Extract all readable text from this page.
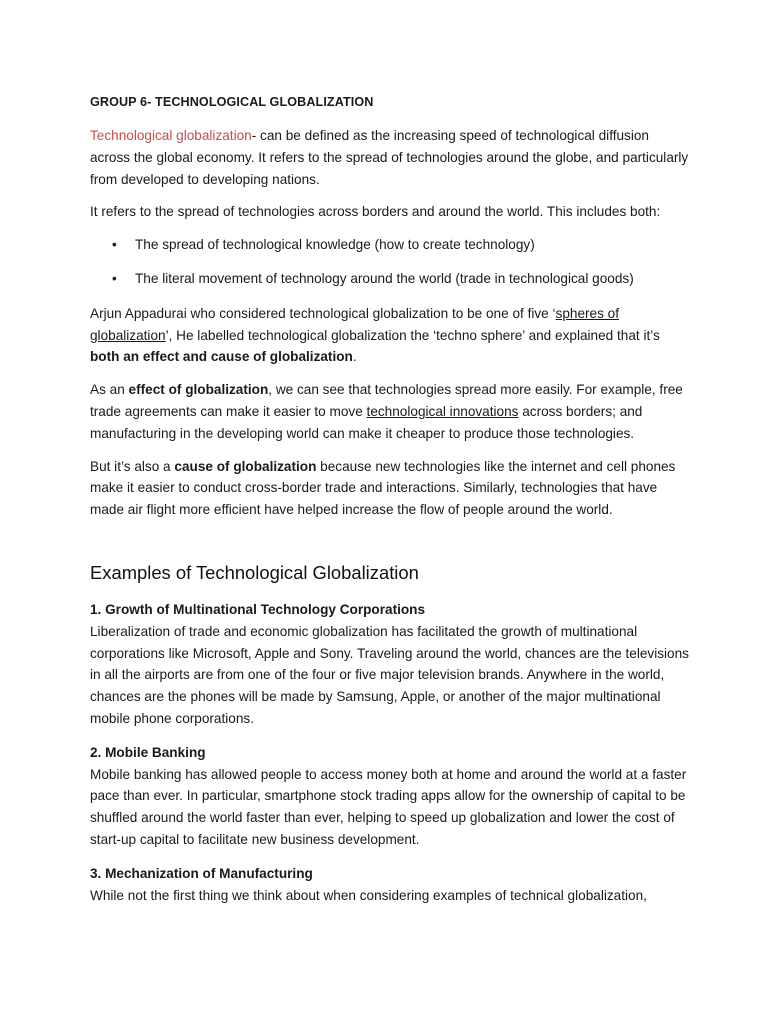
GROUP 6- TECHNOLOGICAL GLOBALIZATION

Technological globalization- can be defined as the increasing speed of technological diffusion across the global economy. It refers to the spread of technologies around the globe, and particularly from developed to developing nations.

It refers to the spread of technologies across borders and around the world. This includes both:

• The spread of technological knowledge (how to create technology)
• The literal movement of technology around the world (trade in technological goods)

Arjun Appadurai who considered technological globalization to be one of five ‘spheres of globalization’, He labelled technological globalization the ‘techno sphere’ and explained that it’s both an effect and cause of globalization.

As an effect of globalization, we can see that technologies spread more easily. For example, free trade agreements can make it easier to move technological innovations across borders; and manufacturing in the developing world can make it cheaper to produce those technologies.

But it’s also a cause of globalization because new technologies like the internet and cell phones make it easier to conduct cross-border trade and interactions. Similarly, technologies that have made air flight more efficient have helped increase the flow of people around the world.

Examples of Technological Globalization

1. Growth of Multinational Technology Corporations

Liberalization of trade and economic globalization has facilitated the growth of multinational corporations like Microsoft, Apple and Sony. Traveling around the world, chances are the televisions in all the airports are from one of the four or five major television brands. Anywhere in the world, chances are the phones will be made by Samsung, Apple, or another of the major multinational mobile phone corporations.

2. Mobile Banking

Mobile banking has allowed people to access money both at home and around the world at a faster pace than ever. In particular, smartphone stock trading apps allow for the ownership of capital to be shuffled around the world faster than ever, helping to speed up globalization and lower the cost of start-up capital to facilitate new business development.

3. Mechanization of Manufacturing

While not the first thing we think about when considering examples of technical globalization,
